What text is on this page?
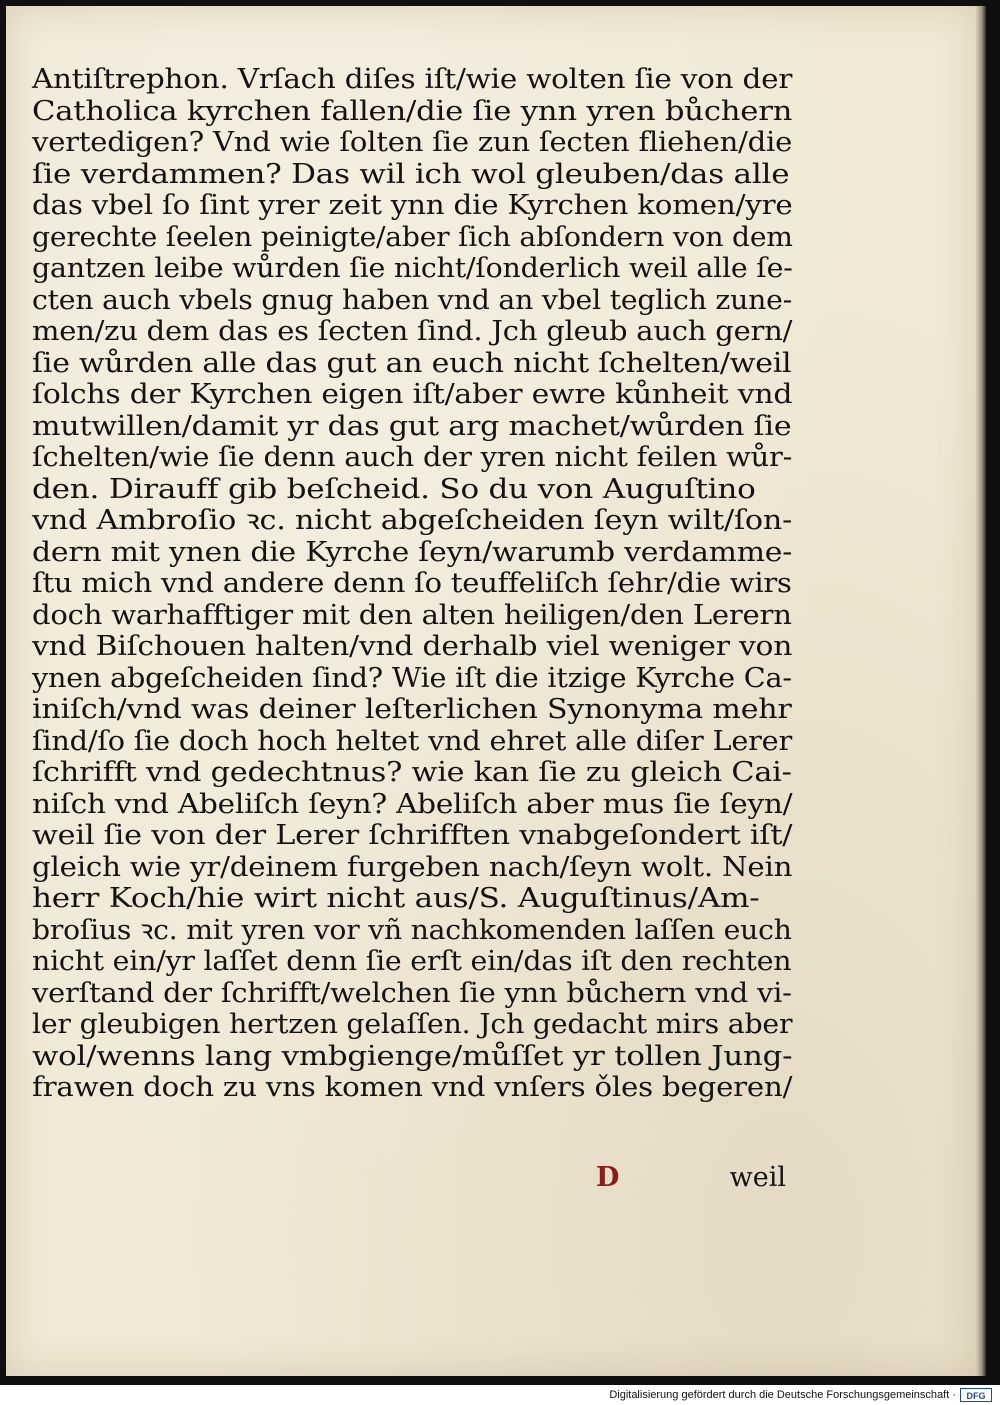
Antiſtrephon. Vrſach diſes iſt/wie wolten ſie von der
Catholica kyrchen fallen/die ſie ynn yren bůchern
vertedigen? Vnd wie ſolten ſie zun ſecten fliehen/die
ſie verdammen? Das wil ich wol gleuben/das alle
das vbel ſo ſint yrer zeit ynn die Kyrchen komen/yre
gerechte ſeelen peinigte/aber ſich abſondern von dem
gantzen leibe wůrden ſie nicht/ſonderlich weil alle ſe-
cten auch vbels gnug haben vnd an vbel teglich zune-
men/zu dem das es ſecten ſind. Jch gleub auch gern/
ſie wůrden alle das gut an euch nicht ſchelten/weil
ſolchs der Kyrchen eigen iſt/aber ewre kůnheit vnd
mutwillen/damit yr das gut arg machet/wůrden ſie
ſchelten/wie ſie denn auch der yren nicht feilen wůr-
den. Dirauff gib beſcheid. So du von Auguſtino
vnd Ambroſio ꝛc. nicht abgeſcheiden ſeyn wilt/ſon-
dern mit ynen die Kyrche ſeyn/warumb verdamme-
ſtu mich vnd andere denn ſo teuffeliſch ſehr/die wirs
doch warhafftiger mit den alten heiligen/den Lerern
vnd Biſchouen halten/vnd derhalb viel weniger von
ynen abgeſcheiden ſind? Wie iſt die itzige Kyrche Ca-
iniſch/vnd was deiner leſterlichen Synonyma mehr
ſind/ſo ſie doch hoch heltet vnd ehret alle diſer Lerer
ſchrifft vnd gedechtnus? wie kan ſie zu gleich Cai-
niſch vnd Abeliſch ſeyn? Abeliſch aber mus ſie ſeyn/
weil ſie von der Lerer ſchrifften vnabgeſondert iſt/
gleich wie yr/deinem furgeben nach/ſeyn wolt. Nein
herr Koch/hie wirt nicht aus/S. Auguſtinus/Am-
broſius ꝛc. mit yren vor vñ nachkomenden laſſen euch
nicht ein/yr laſſet denn ſie erſt ein/das iſt den rechten
verſtand der ſchrifft/welchen ſie ynn bůchern vnd vi-
ler gleubigen hertzen gelaſſen. Jch gedacht mirs aber
wol/wenns lang vmbgienge/můſſet yr tollen Jung-
frawen doch zu vns komen vnd vnſers ǒles begeren/
D	weil
Digitalisierung gefördert durch die Deutsche Forschungsgemeinschaft ·	DFG
